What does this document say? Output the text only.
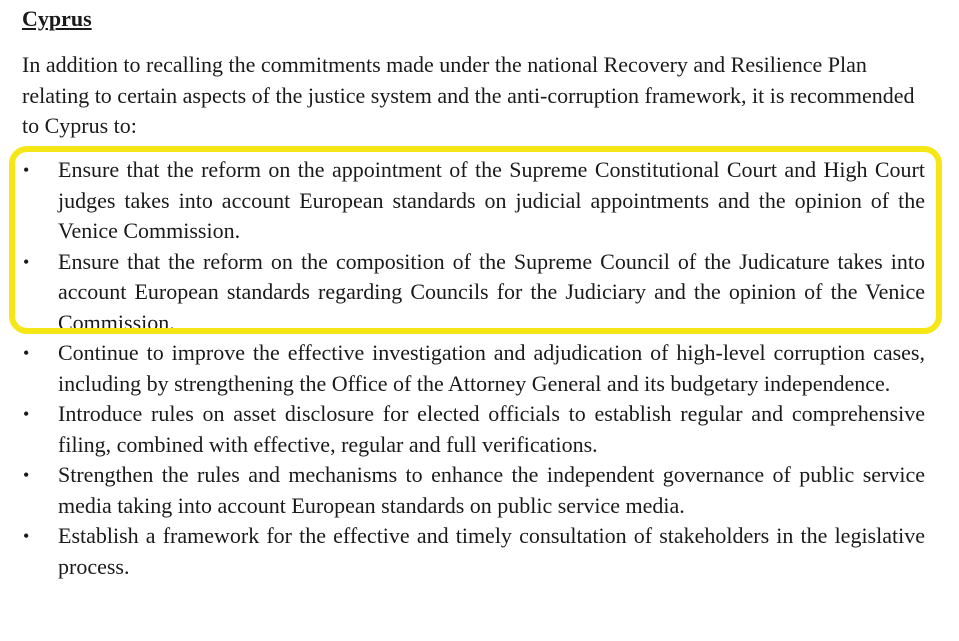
Cyprus

In addition to recalling the commitments made under the national Recovery and Resilience Plan relating to certain aspects of the justice system and the anti-corruption framework, it is recommended to Cyprus to:

• Ensure that the reform on the appointment of the Supreme Constitutional Court and High Court judges takes into account European standards on judicial appointments and the opinion of the Venice Commission.
• Ensure that the reform on the composition of the Supreme Council of the Judicature takes into account European standards regarding Councils for the Judiciary and the opinion of the Venice Commission.
• Continue to improve the effective investigation and adjudication of high-level corruption cases, including by strengthening the Office of the Attorney General and its budgetary independence.
• Introduce rules on asset disclosure for elected officials to establish regular and comprehensive filing, combined with effective, regular and full verifications.
• Strengthen the rules and mechanisms to enhance the independent governance of public service media taking into account European standards on public service media.
• Establish a framework for the effective and timely consultation of stakeholders in the legislative process.
